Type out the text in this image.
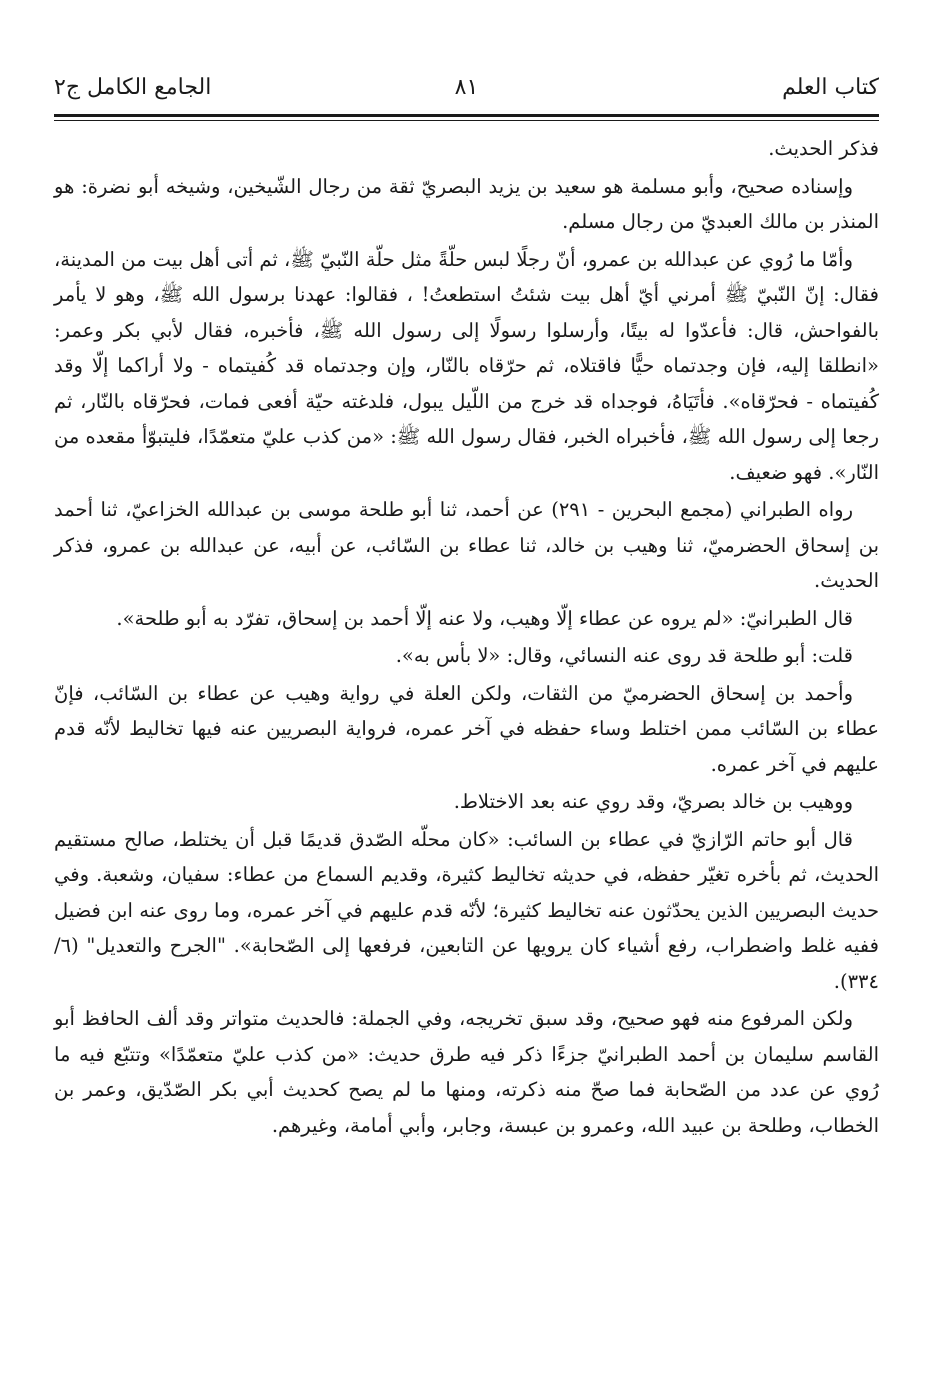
كتاب العلم
٨١
الجامع الكامل ج٢

فذكر الحديث.

وإسناده صحيح، وأبو مسلمة هو سعيد بن يزيد البصريّ ثقة من رجال الشّيخين، وشيخه أبو نضرة: هو المنذر بن مالك العبديّ من رجال مسلم.

وأمّا ما رُوي عن عبدالله بن عمرو، أنّ رجلًا لبس حلّةً مثل حلّة النّبيّ ﷺ، ثم أتى أهل بيت من المدينة، فقال: إنّ النّبيّ ﷺ أمرني أيّ أهل بيت شئتُ استطعتُ! ، فقالوا: عهدنا برسول الله ﷺ، وهو لا يأمر بالفواحش، قال: فأعدّوا له بيتًا، وأرسلوا رسولًا إلى رسول الله ﷺ، فأخبره، فقال لأبي بكر وعمر: «انطلقا إليه، فإن وجدتماه حيًّا فاقتلاه، ثم حرّقاه بالنّار، وإن وجدتماه قد كُفيتماه - ولا أراكما إلّا وقد كُفيتماه - فحرّقاه». فأتَيَاهُ، فوجداه قد خرج من اللّيل يبول، فلدغته حيّة أفعى فمات، فحرّقاه بالنّار، ثم رجعا إلى رسول الله ﷺ، فأخبراه الخبر، فقال رسول الله ﷺ: «من كذب عليّ متعمّدًا، فليتبوّأ مقعده من النّار». فهو ضعيف.

رواه الطبراني (مجمع البحرين - ٢٩١) عن أحمد، ثنا أبو طلحة موسى بن عبدالله الخزاعيّ، ثنا أحمد بن إسحاق الحضرميّ، ثنا وهيب بن خالد، ثنا عطاء بن السّائب، عن أبيه، عن عبدالله بن عمرو، فذكر الحديث.

قال الطبرانيّ: «لم يروه عن عطاء إلّا وهيب، ولا عنه إلّا أحمد بن إسحاق، تفرّد به أبو طلحة».

قلت: أبو طلحة قد روى عنه النسائي، وقال: «لا بأس به».

وأحمد بن إسحاق الحضرميّ من الثقات، ولكن العلة في رواية وهيب عن عطاء بن السّائب، فإنّ عطاء بن السّائب ممن اختلط وساء حفظه في آخر عمره، فرواية البصريين عنه فيها تخاليط لأنّه قدم عليهم في آخر عمره.

ووهيب بن خالد بصريّ، وقد روي عنه بعد الاختلاط.

قال أبو حاتم الرّازيّ في عطاء بن السائب: «كان محلّه الصّدق قديمًا قبل أن يختلط، صالح مستقيم الحديث، ثم بأخره تغيّر حفظه، في حديثه تخاليط كثيرة، وقديم السماع من عطاء: سفيان، وشعبة. وفي حديث البصريين الذين يحدّثون عنه تخاليط كثيرة؛ لأنّه قدم عليهم في آخر عمره، وما روى عنه ابن فضيل ففيه غلط واضطراب، رفع أشياء كان يرويها عن التابعين، فرفعها إلى الصّحابة». "الجرح والتعديل" (٦/ ٣٣٤).

ولكن المرفوع منه فهو صحيح، وقد سبق تخريجه، وفي الجملة: فالحديث متواتر وقد ألف الحافظ أبو القاسم سليمان بن أحمد الطبرانيّ جزءًا ذكر فيه طرق حديث: «من كذب عليّ متعمّدًا» وتتبّع فيه ما رُوي عن عدد من الصّحابة فما صحّ منه ذكرته، ومنها ما لم يصح كحديث أبي بكر الصّدّيق، وعمر بن الخطاب، وطلحة بن عبيد الله، وعمرو بن عبسة، وجابر، وأبي أمامة، وغيرهم.
